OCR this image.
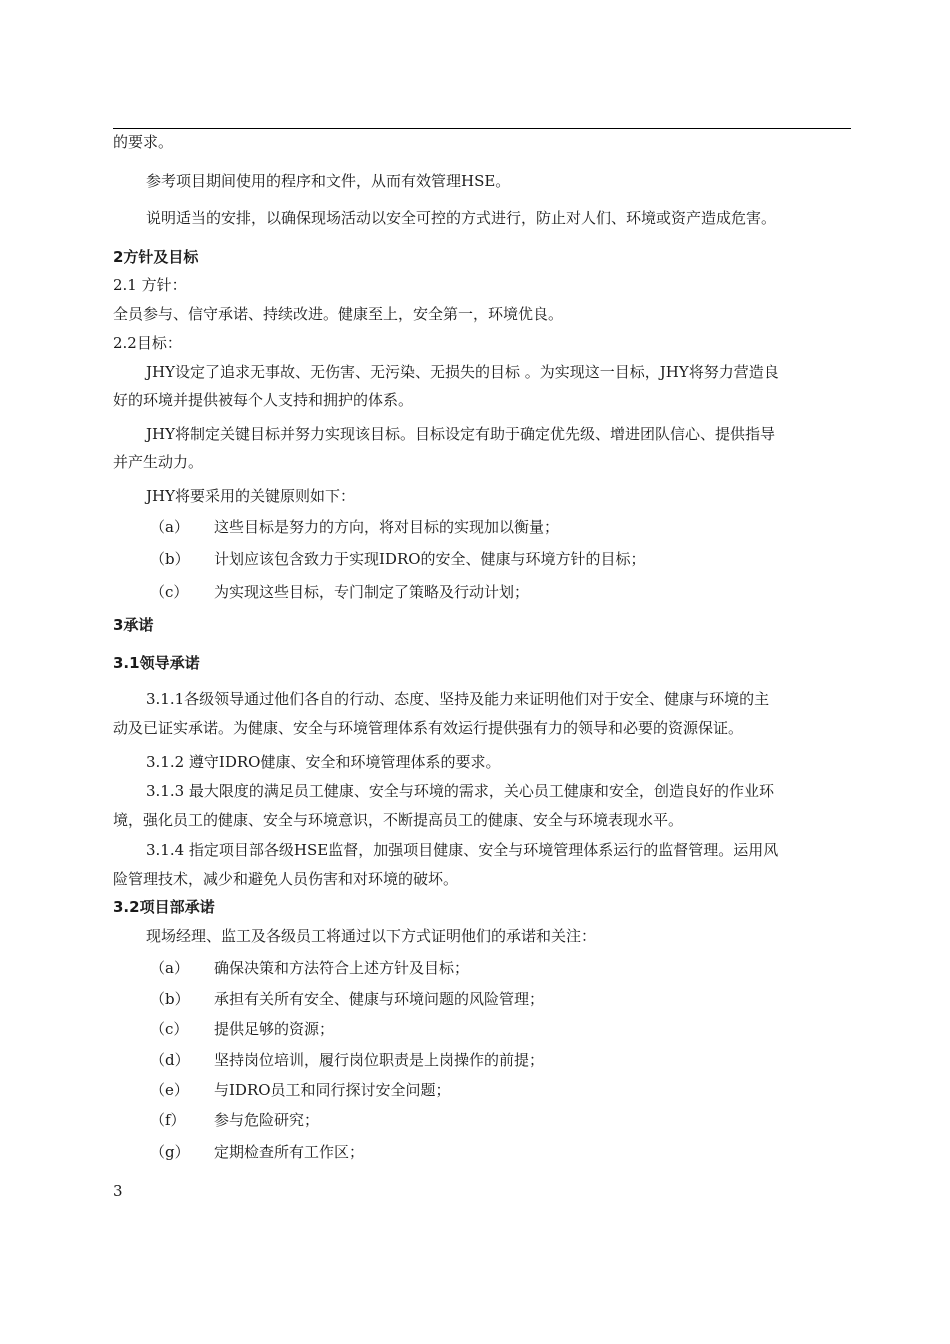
的要求。
参考项目期间使用的程序和文件，从而有效管理HSE。
说明适当的安排，以确保现场活动以安全可控的方式进行，防止对人们、环境或资产造成危害。
2方针及目标
2.1 方针：
全员参与、信守承诺、持续改进。健康至上，安全第一，环境优良。
2.2目标：
JHY设定了追求无事故、无伤害、无污染、无损失的目标 。为实现这一目标，JHY将努力营造良
好的环境并提供被每个人支持和拥护的体系。
JHY将制定关键目标并努力实现该目标。目标设定有助于确定优先级、增进团队信心、提供指导
并产生动力。
JHY将要采用的关键原则如下：
（a） 这些目标是努力的方向，将对目标的实现加以衡量；
（b） 计划应该包含致力于实现IDRO的安全、健康与环境方针的目标；
（c） 为实现这些目标，专门制定了策略及行动计划；
3承诺
3.1领导承诺
3.1.1各级领导通过他们各自的行动、态度、坚持及能力来证明他们对于安全、健康与环境的主
动及已证实承诺。为健康、安全与环境管理体系有效运行提供强有力的领导和必要的资源保证。
3.1.2 遵守IDRO健康、安全和环境管理体系的要求。
3.1.3 最大限度的满足员工健康、安全与环境的需求，关心员工健康和安全，创造良好的作业环
境，强化员工的健康、安全与环境意识，不断提高员工的健康、安全与环境表现水平。
3.1.4 指定项目部各级HSE监督，加强项目健康、安全与环境管理体系运行的监督管理。运用风
险管理技术，减少和避免人员伤害和对环境的破坏。
3.2项目部承诺
现场经理、监工及各级员工将通过以下方式证明他们的承诺和关注：
（a） 确保决策和方法符合上述方针及目标；
（b） 承担有关所有安全、健康与环境问题的风险管理；
（c） 提供足够的资源；
（d） 坚持岗位培训，履行岗位职责是上岗操作的前提；
（e） 与IDRO员工和同行探讨安全问题；
（f） 参与危险研究；
（g） 定期检查所有工作区；
3
